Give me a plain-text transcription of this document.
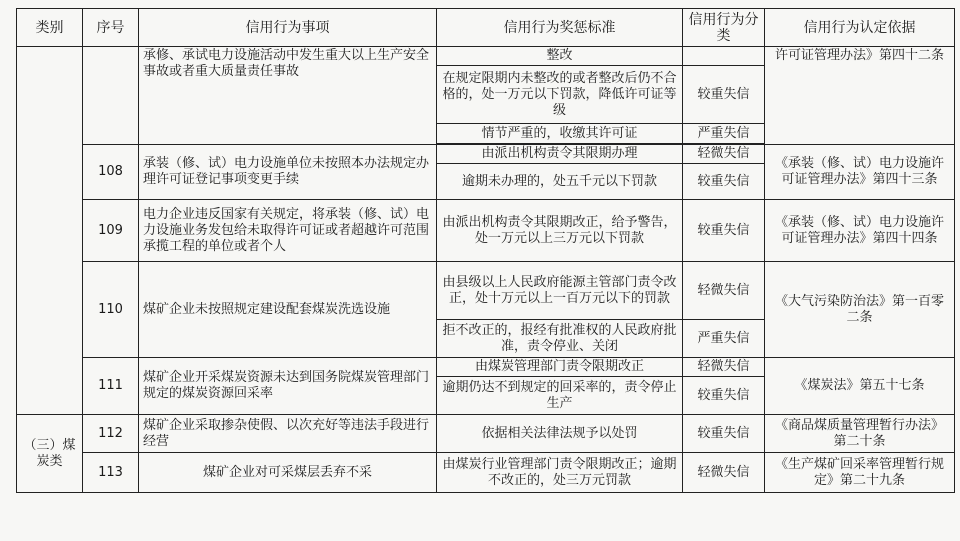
类别	序号	信用行为事项	信用行为奖惩标准	信用行为分类	信用行为认定依据
		承修、承试电力设施活动中发生重大以上生产安全事故或者重大质量责任事故	整改		许可证管理办法》第四十二条
			在规定限期内未整改的或者整改后仍不合格的，处一万元以下罚款，降低许可证等级	较重失信	
			情节严重的，收缴其许可证	严重失信	

	108	承装（修、试）电力设施单位未按照本办法规定办理许可证登记事项变更手续	由派出机构责令其限期办理	轻微失信	《承装（修、试）电力设施许可证管理办法》第四十三条
			逾期未办理的，处五千元以下罚款	较重失信	
	109	电力企业违反国家有关规定，将承装（修、试）电力设施业务发包给未取得许可证或者超越许可范围承揽工程的单位或者个人	由派出机构责令其限期改正，给予警告，处一万元以上三万元以下罚款	较重失信	《承装（修、试）电力设施许可证管理办法》第四十四条
	110	煤矿企业未按照规定建设配套煤炭洗选设施	由县级以上人民政府能源主管部门责令改正，处十万元以上一百万元以下的罚款	轻微失信	《大气污染防治法》第一百零二条
			拒不改正的，报经有批准权的人民政府批准，责令停业、关闭	严重失信	
	111	煤矿企业开采煤炭资源未达到国务院煤炭管理部门规定的煤炭资源回采率	由煤炭管理部门责令限期改正	轻微失信	《煤炭法》第五十七条
			逾期仍达不到规定的回采率的，责令停止生产	较重失信	
（三）煤炭类	112	煤矿企业采取掺杂使假、以次充好等违法手段进行经营	依据相关法律法规予以处罚	较重失信	《商品煤质量管理暂行办法》第二十条
	113	煤矿企业对可采煤层丢弃不采	由煤炭行业管理部门责令限期改正；逾期不改正的，处三万元罚款	轻微失信	《生产煤矿回采率管理暂行规定》第二十九条
